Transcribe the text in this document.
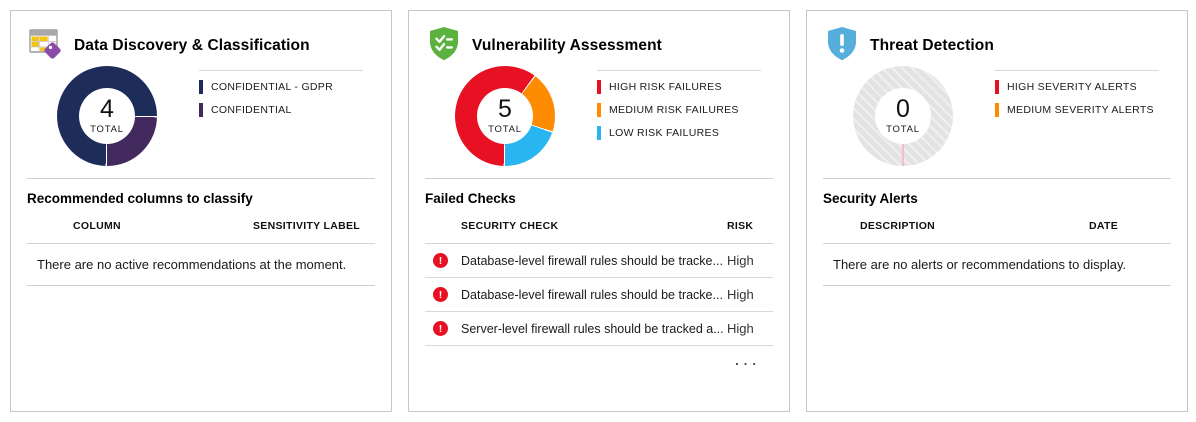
Data Discovery & Classification
4
TOTAL
CONFIDENTIAL - GDPR
CONFIDENTIAL
Recommended columns to classify
COLUMN	SENSITIVITY LABEL
There are no active recommendations at the moment.
Vulnerability Assessment
5
TOTAL
HIGH RISK FAILURES
MEDIUM RISK FAILURES
LOW RISK FAILURES
Failed Checks
SECURITY CHECK	RISK
!
Database-level firewall rules should be tracke... High
!
Database-level firewall rules should be tracke... High
!
Server-level firewall rules should be tracked a... High
...
Threat Detection
0
TOTAL
HIGH SEVERITY ALERTS
MEDIUM SEVERITY ALERTS
Security Alerts
DESCRIPTION	DATE
There are no alerts or recommendations to display.
